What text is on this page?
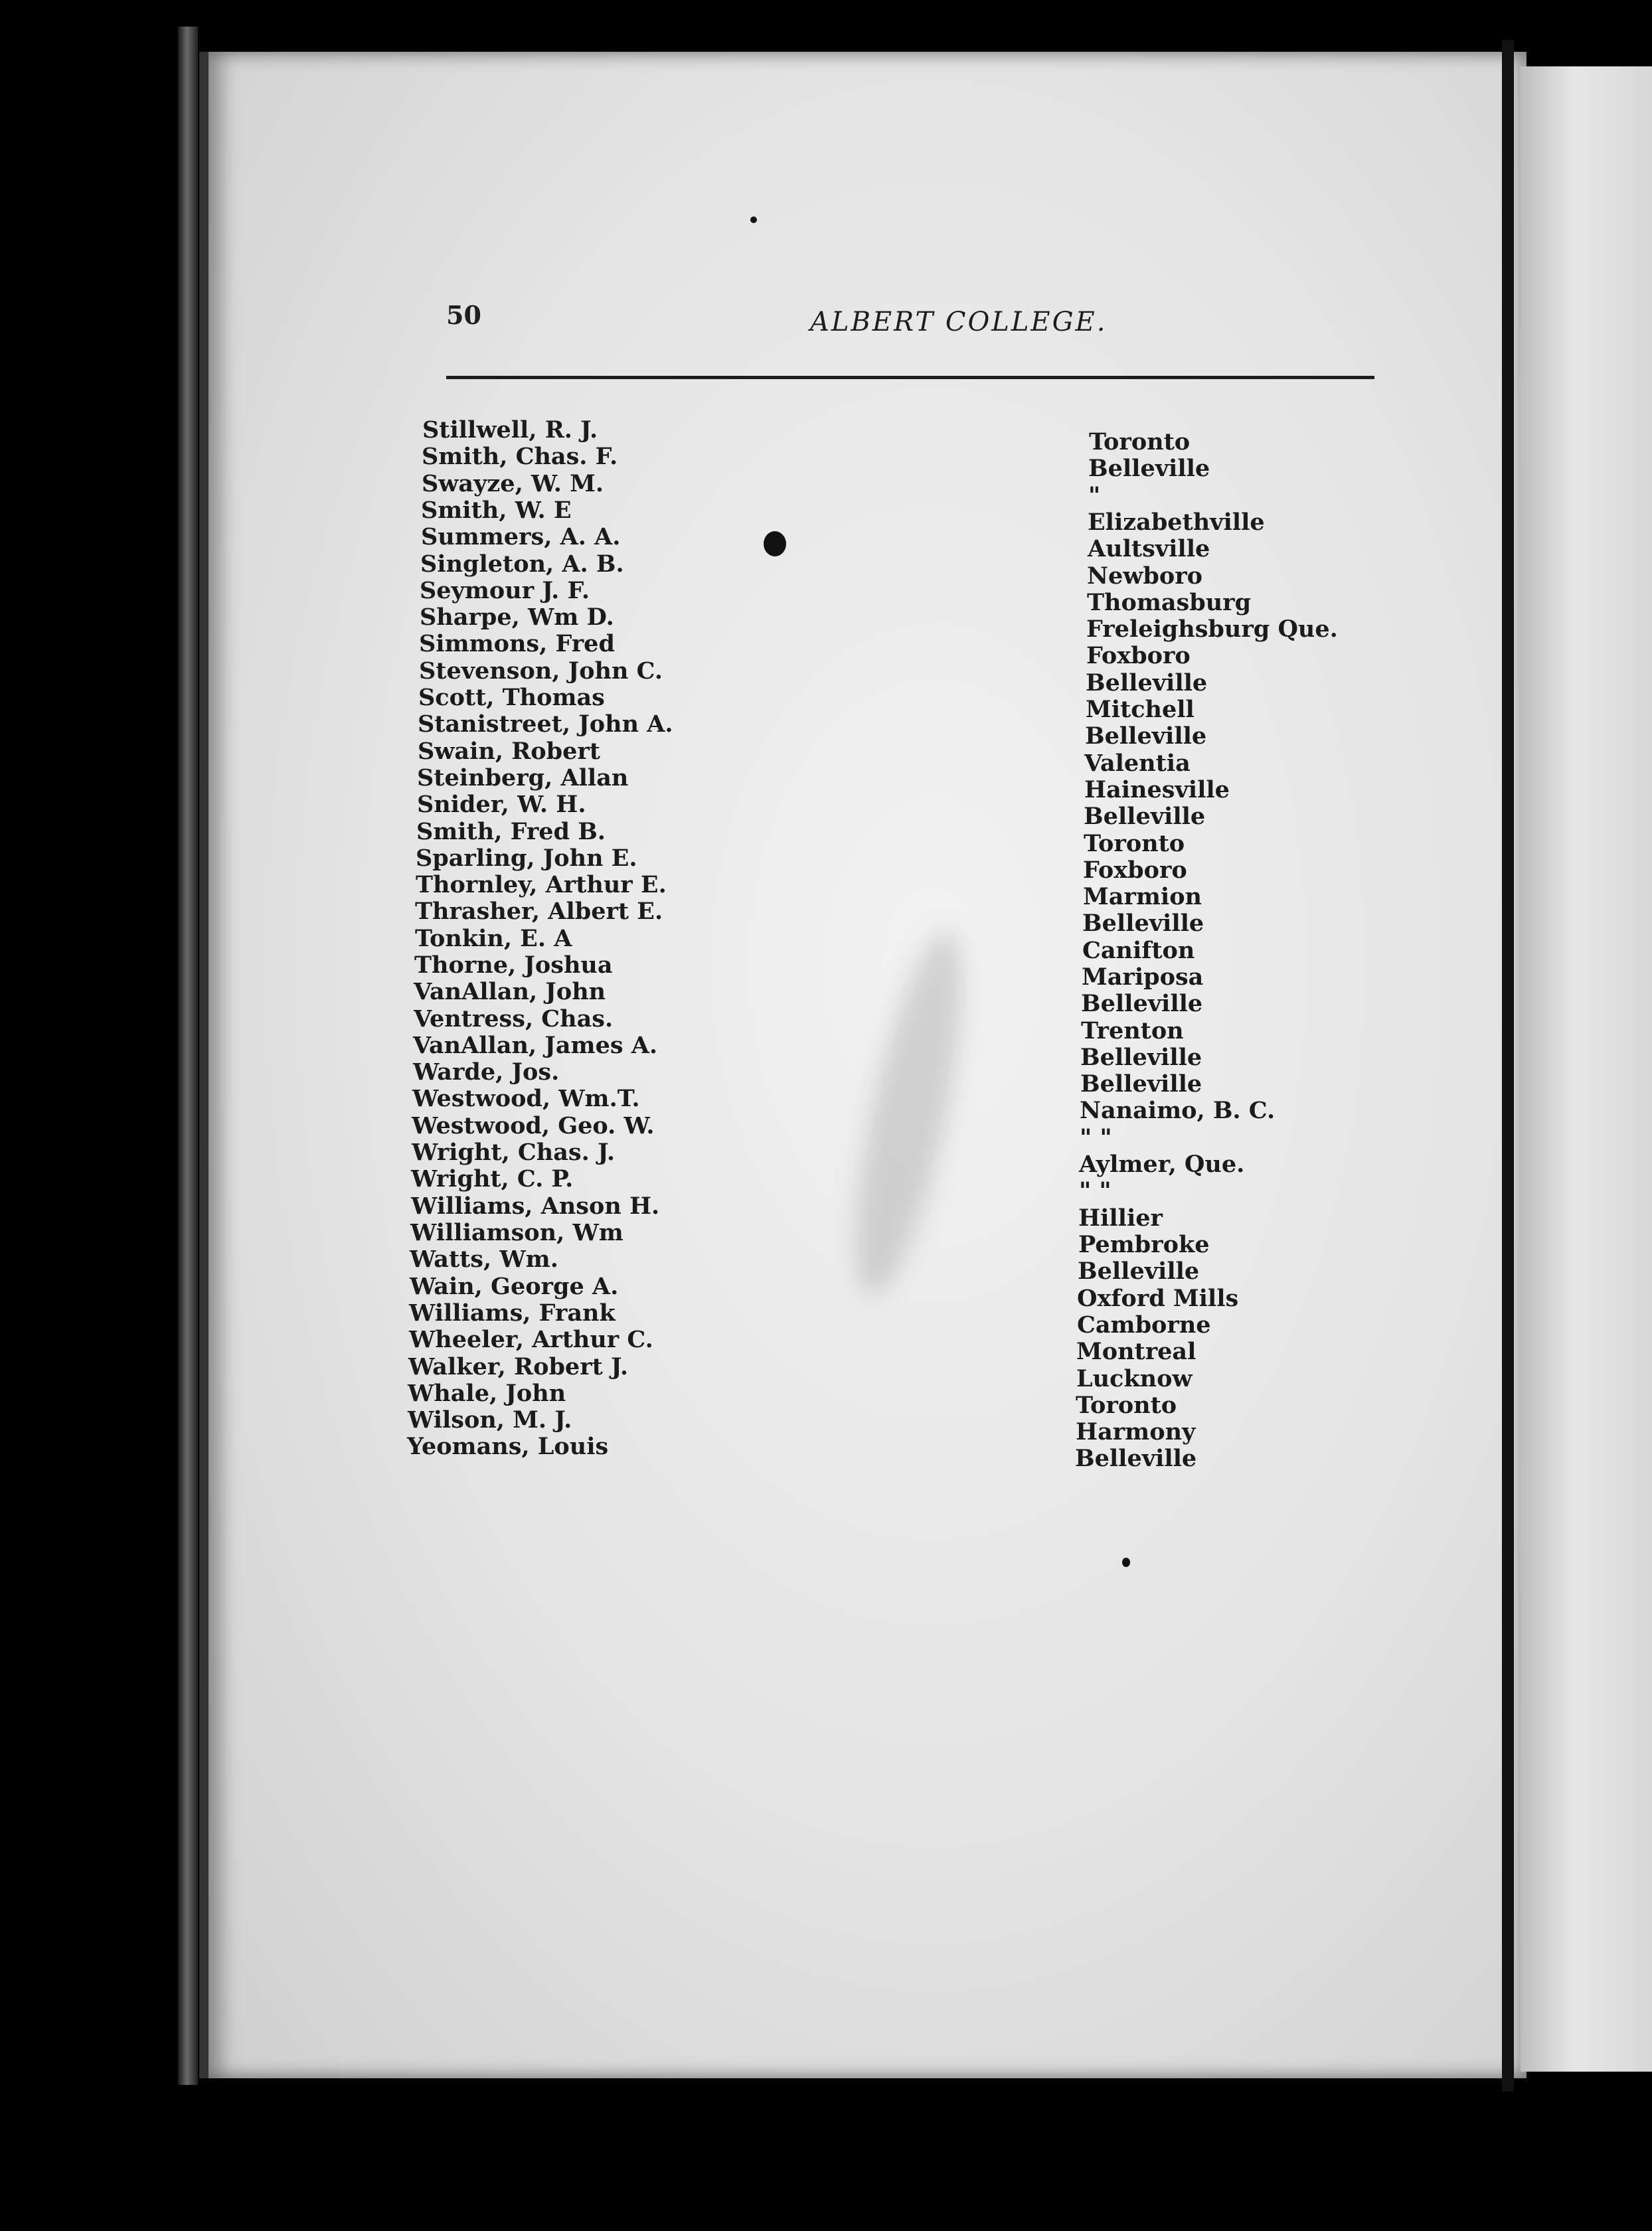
50	ALBERT COLLEGE.
Stillwell, R. J.
Smith, Chas. F.
Swayze, W. M.
Smith, W. E
Summers, A. A.
Singleton, A. B.
Seymour J. F.
Sharpe, Wm D.
Simmons, Fred
Stevenson, John C.
Scott, Thomas
Stanistreet, John A.
Swain, Robert
Steinberg, Allan
Snider, W. H.
Smith, Fred B.
Sparling, John E.
Thornley, Arthur E.
Thrasher, Albert E.
Tonkin, E. A
Thorne, Joshua
VanAllan, John
Ventress, Chas.
VanAllan, James A.
Warde, Jos.
Westwood, Wm.T.
Westwood, Geo. W.
Wright, Chas. J.
Wright, C. P.
Williams, Anson H.
Williamson, Wm
Watts, Wm.
Wain, George A.
Williams, Frank
Wheeler, Arthur C.
Walker, Robert J.
Whale, John
Wilson, M. J.
Yeomans, Louis
Toronto
Belleville
"
Elizabethville
Aultsville
Newboro
Thomasburg
Freleighsburg Que.
Foxboro
Belleville
Mitchell
Belleville
Valentia
Hainesville
Belleville
Toronto
Foxboro
Marmion
Belleville
Canifton
Mariposa
Belleville
Trenton
Belleville
Belleville
Nanaimo, B. C.
" "
Aylmer, Que.
" "
Hillier
Pembroke
Belleville
Oxford Mills
Camborne
Montreal
Lucknow
Toronto
Harmony
Belleville
